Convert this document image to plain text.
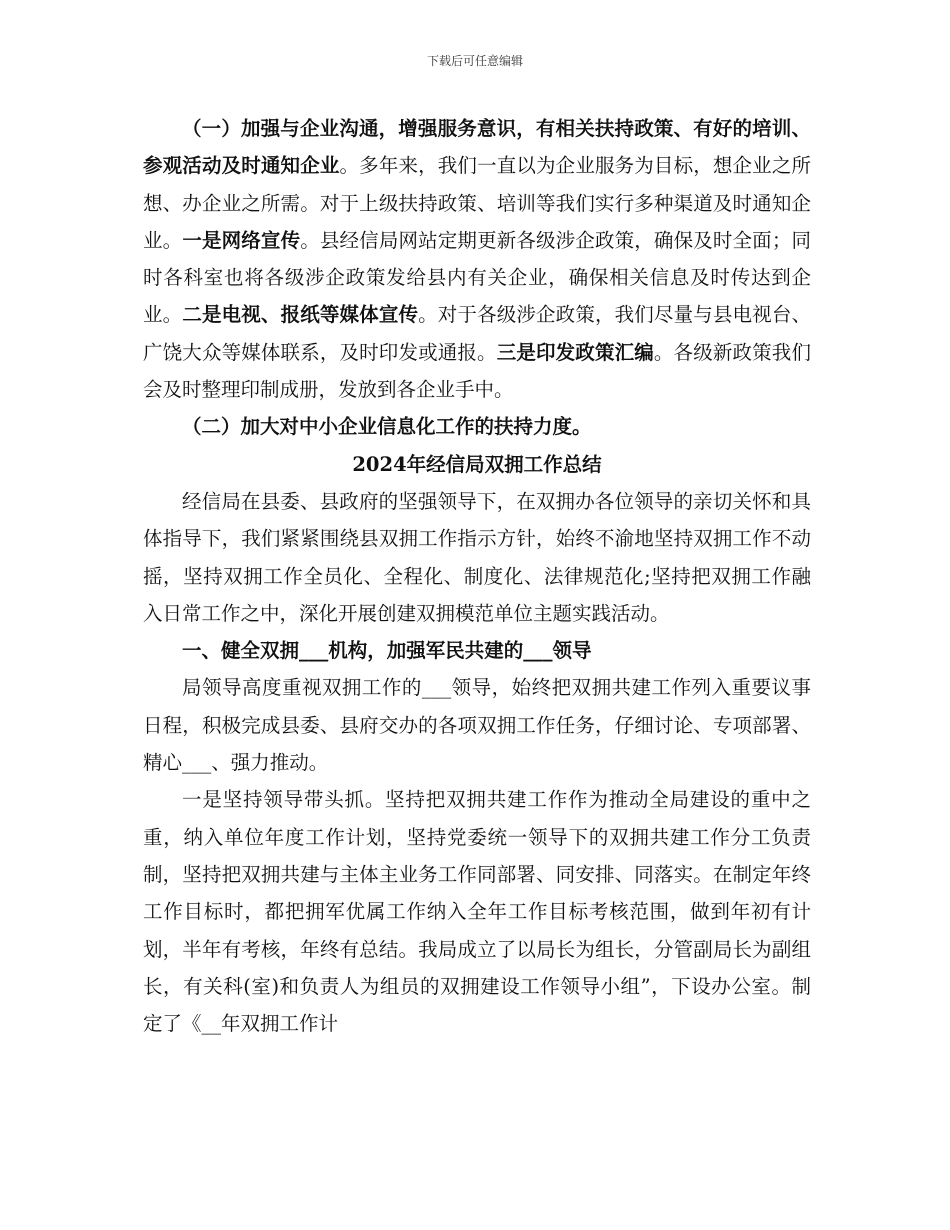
下载后可任意编辑

（一）加强与企业沟通，增强服务意识，有相关扶持政策、有好的培训、参观活动及时通知企业。多年来，我们一直以为企业服务为目标，想企业之所想、办企业之所需。对于上级扶持政策、培训等我们实行多种渠道及时通知企业。一是网络宣传。县经信局网站定期更新各级涉企政策，确保及时全面；同时各科室也将各级涉企政策发给县内有关企业，确保相关信息及时传达到企业。二是电视、报纸等媒体宣传。对于各级涉企政策，我们尽量与县电视台、广饶大众等媒体联系，及时印发或通报。三是印发政策汇编。各级新政策我们会及时整理印制成册，发放到各企业手中。

（二）加大对中小企业信息化工作的扶持力度。

2024年经信局双拥工作总结

经信局在县委、县政府的坚强领导下，在双拥办各位领导的亲切关怀和具体指导下，我们紧紧围绕县双拥工作指示方针，始终不渝地坚持双拥工作不动摇，坚持双拥工作全员化、全程化、制度化、法律规范化;坚持把双拥工作融入日常工作之中，深化开展创建双拥模范单位主题实践活动。

一、健全双拥___机构，加强军民共建的___领导

局领导高度重视双拥工作的___领导，始终把双拥共建工作列入重要议事日程，积极完成县委、县府交办的各项双拥工作任务，仔细讨论、专项部署、精心___、强力推动。

一是坚持领导带头抓。坚持把双拥共建工作作为推动全局建设的重中之重，纳入单位年度工作计划，坚持党委统一领导下的双拥共建工作分工负责制，坚持把双拥共建与主体主业务工作同部署、同安排、同落实。在制定年终工作目标时，都把拥军优属工作纳入全年工作目标考核范围，做到年初有计划，半年有考核，年终有总结。我局成立了以局长为组长，分管副局长为副组长，有关科(室)和负责人为组员的双拥建设工作领导小组”，下设办公室。制定了《__年双拥工作计
